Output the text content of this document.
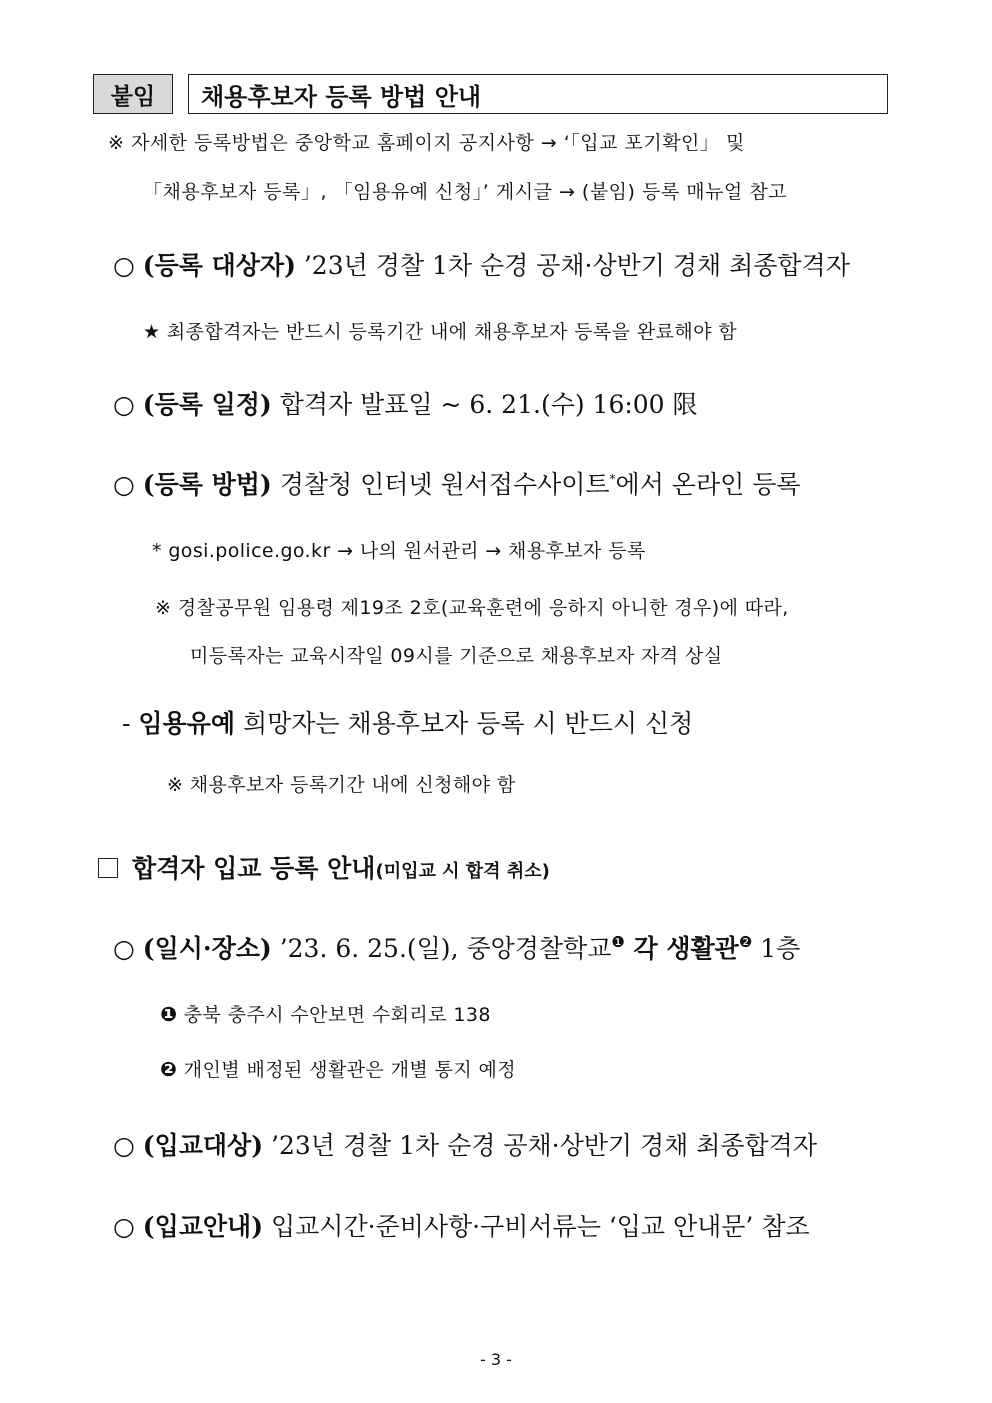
붙임	채용후보자 등록 방법 안내
※ 자세한 등록방법은 중앙학교 홈페이지 공지사항 → ‘「입교 포기확인」 및
「채용후보자 등록」, 「임용유예 신청」’ 게시글 → (붙임) 등록 매뉴얼 참고
○ (등록 대상자) ’23년 경찰 1차 순경 공채·상반기 경채 최종합격자
★ 최종합격자는 반드시 등록기간 내에 채용후보자 등록을 완료해야 함
○ (등록 일정) 합격자 발표일 ~ 6. 21.(수) 16:00 限
○ (등록 방법) 경찰청 인터넷 원서접수사이트*에서 온라인 등록
* gosi.police.go.kr → 나의 원서관리 → 채용후보자 등록
※ 경찰공무원 임용령 제19조 2호(교육훈련에 응하지 아니한 경우)에 따라,
미등록자는 교육시작일 09시를 기준으로 채용후보자 자격 상실
- 임용유예 희망자는 채용후보자 등록 시 반드시 신청
※ 채용후보자 등록기간 내에 신청해야 함
합격자 입교 등록 안내(미입교 시 합격 취소)
○ (일시·장소) ’23. 6. 25.(일), 중앙경찰학교$^❶$ 각 생활관$^❷$ 1층
❶ 충북 충주시 수안보면 수회리로 138
❷ 개인별 배정된 생활관은 개별 통지 예정
○ (입교대상) ’23년 경찰 1차 순경 공채·상반기 경채 최종합격자
○ (입교안내) 입교시간·준비사항·구비서류는 ‘입교 안내문’ 참조
- 3 -
